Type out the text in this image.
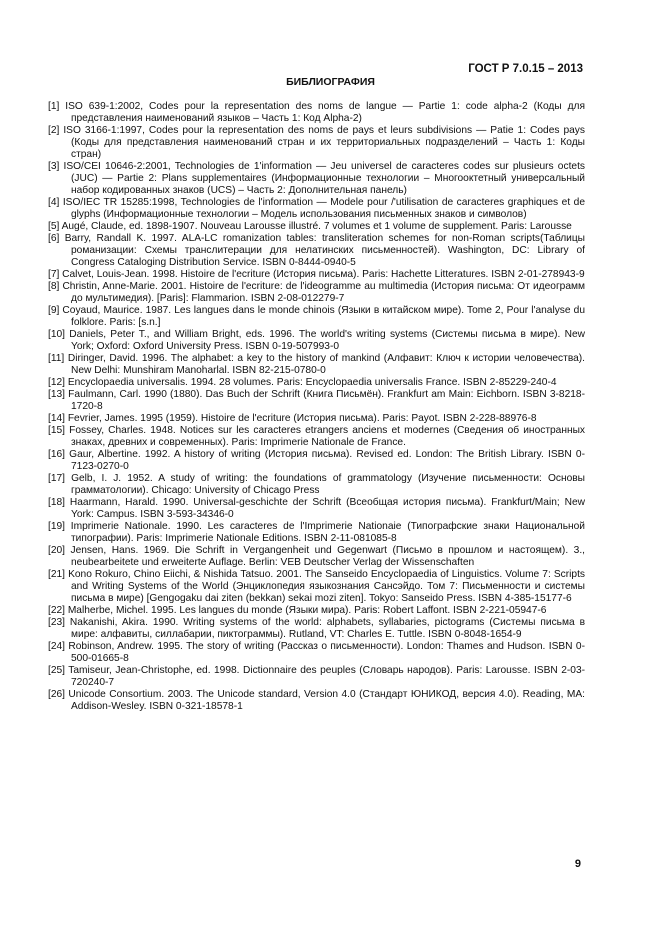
ГОСТ Р 7.0.15 – 2013
БИБЛИОГРАФИЯ
[1] ISO 639-1:2002, Codes pour la representation des noms de langue — Partie 1: code alpha-2 (Коды для представления наименований языков – Часть 1: Код Alpha-2)
[2] ISO 3166-1:1997, Codes pour la representation des noms de pays et leurs subdivisions — Patie 1: Codes pays (Коды для представления наименований стран и их территориальных подразделений – Часть 1: Коды стран)
[3] ISO/CEI 10646-2:2001, Technologies de 1'information — Jeu universel de caracteres codes sur plusieurs octets (JUC) — Partie 2: Plans supplementaires (Информационные технологии – Многооктетный универсальный набор кодированных знаков (UCS) – Часть 2: Дополнительная панель)
[4] ISO/IEC TR 15285:1998, Technologies de l'information — Modele pour /'utilisation de caracteres graphiques et de glyphs (Информационные технологии – Модель использования письменных знаков и символов)
[5] Augé, Claude, ed. 1898-1907. Nouveau Larousse illustré. 7 volumes et 1 volume de supplement. Paris: Larousse
[6] Barry, Randall K. 1997. ALA-LC romanization tables: transliteration schemes for non-Roman scripts(Таблицы романизации: Схемы транслитерации для нелатинских письменностей). Washington, DC: Library of Congress Cataloging Distribution Service. ISBN 0-8444-0940-5
[7] Calvet, Louis-Jean. 1998. Histoire de l'ecriture (История письма). Paris: Hachette Litteratures. ISBN 2-01-278943-9
[8] Christin, Anne-Marie. 2001. Histoire de l'ecriture: de l'ideogramme au multimedia (История письма: От идеограмм до мультимедия). [Paris]: Flammarion. ISBN 2-08-012279-7
[9] Coyaud, Maurice. 1987. Les langues dans le monde chinois (Языки в китайском мире). Tome 2, Pour l'analyse du folklore. Paris: [s.n.]
[10] Daniels, Peter T., and William Bright, eds. 1996. The world's writing systems (Системы письма в мире). New York; Oxford: Oxford University Press. ISBN 0-19-507993-0
[11] Diringer, David. 1996. The alphabet: a key to the history of mankind (Алфавит: Ключ к истории человечества). New Delhi: Munshiram Manoharlal. ISBN 82-215-0780-0
[12] Encyclopaedia universalis. 1994. 28 volumes. Paris: Encyclopaedia universalis France. ISBN 2-85229-240-4
[13] Faulmann, Carl. 1990 (1880). Das Buch der Schrift (Книга Письмён). Frankfurt am Main: Eichborn. ISBN 3-8218-1720-8
[14] Fevrier, James. 1995 (1959). Histoire de l'ecriture (История письма). Paris: Payot. ISBN 2-228-88976-8
[15] Fossey, Charles. 1948. Notices sur les caracteres etrangers anciens et modernes (Сведения об иностранных знаках, древних и современных). Paris: Imprimerie Nationale de France.
[16] Gaur, Albertine. 1992. A history of writing (История письма). Revised ed. London: The British Library. ISBN 0-7123-0270-0
[17] Gelb, I. J. 1952. A study of writing: the foundations of grammatology (Изучение письменности: Основы грамматологии). Chicago: University of Chicago Press
[18] Haarmann, Harald. 1990. Universal-geschichte der Schrift (Всеобщая история письма). Frankfurt/Main; New York: Campus. ISBN 3-593-34346-0
[19] Imprimerie Nationale. 1990. Les caracteres de l'Imprimerie Nationaie (Типографские знаки Национальной типографии). Paris: Imprimerie Nationale Editions. ISBN 2-11-081085-8
[20] Jensen, Hans. 1969. Die Schrift in Vergangenheit und Gegenwart (Письмо в прошлом и настоящем). 3., neubearbeitete und erweiterte Auflage. Berlin: VEB Deutscher Verlag der Wissenschaften
[21] Kono Rokuro, Chino Eiichi, & Nishida Tatsuo. 2001. The Sanseido Encyclopaedia of Linguistics. Volume 7: Scripts and Writing Systems of the World (Энциклопедия языкознания Сансэйдо. Том 7: Письменности и системы письма в мире) [Gengogaku dai ziten (bekkan) sekai mozi ziten]. Tokyo: Sanseido Press. ISBN 4-385-15177-6
[22] Malherbe, Michel. 1995. Les langues du monde (Языки мира). Paris: Robert Laffont. ISBN 2-221-05947-6
[23] Nakanishi, Akira. 1990. Writing systems of the world: alphabets, syllabaries, pictograms (Системы письма в мире: алфавиты, силлабарии, пиктограммы). Rutland, VT: Charles E. Tuttle. ISBN 0-8048-1654-9
[24] Robinson, Andrew. 1995. The story of writing (Рассказ о письменности). London: Thames and Hudson. ISBN 0-500-01665-8
[25] Tamiseur, Jean-Christophe, ed. 1998. Dictionnaire des peuples (Словарь народов). Paris: Larousse. ISBN 2-03-720240-7
[26] Unicode Consortium. 2003. The Unicode standard, Version 4.0 (Стандарт ЮНИКОД, версия 4.0). Reading, MA: Addison-Wesley. ISBN 0-321-18578-1
9
